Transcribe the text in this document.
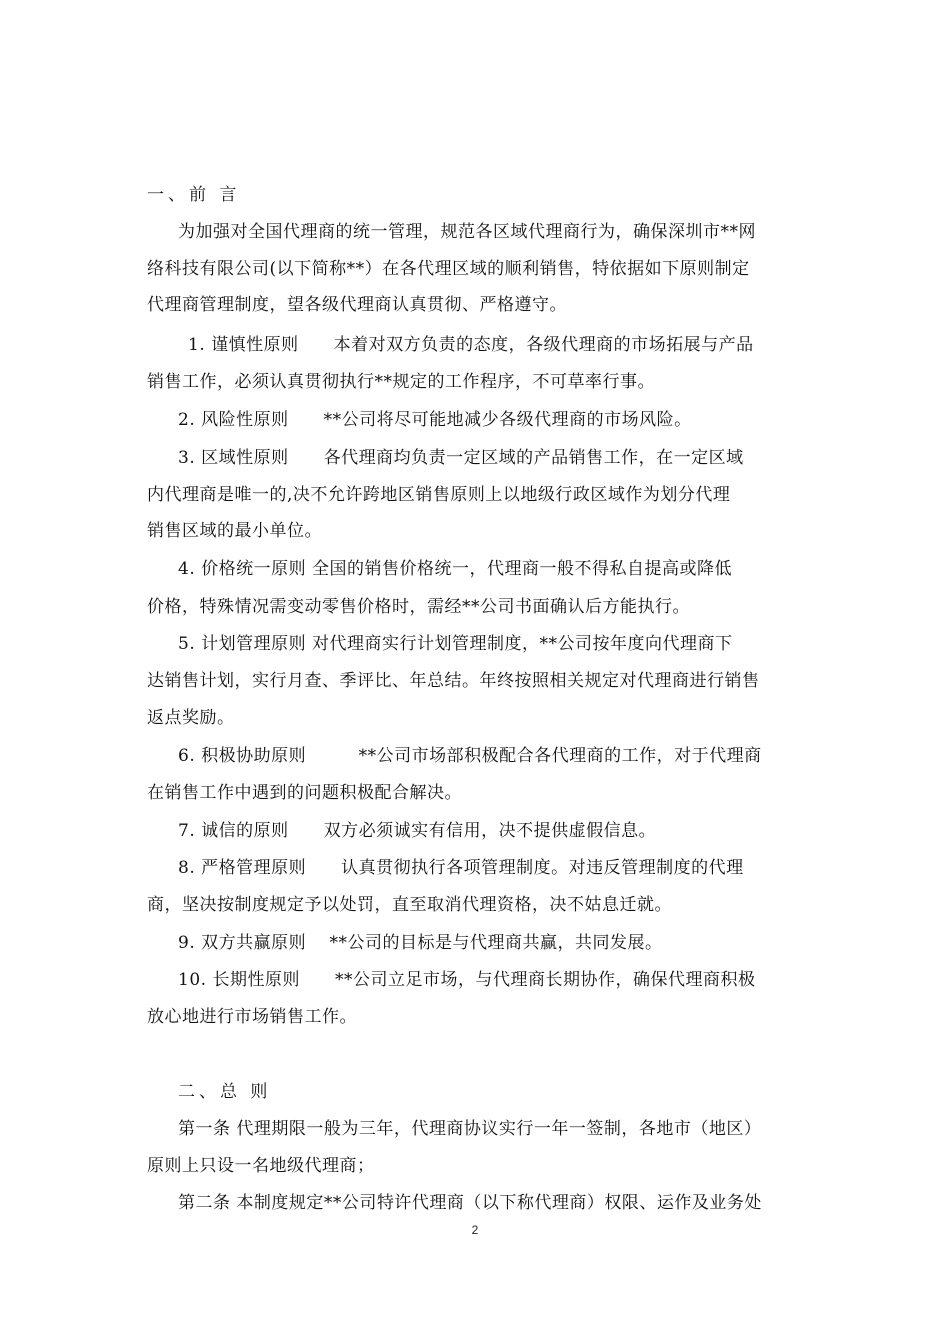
一、前 言
为加强对全国代理商的统一管理，规范各区域代理商行为，确保深圳市**网
络科技有限公司(以下简称**）在各代理区域的顺利销售，特依据如下原则制定
代理商管理制度，望各级代理商认真贯彻、严格遵守。
1. 谨慎性原则　　本着对双方负责的态度，各级代理商的市场拓展与产品
销售工作，必须认真贯彻执行**规定的工作程序，不可草率行事。
2. 风险性原则　　**公司将尽可能地减少各级代理商的市场风险。
3. 区域性原则　　各代理商均负责一定区域的产品销售工作，在一定区域
内代理商是唯一的,决不允许跨地区销售原则上以地级行政区域作为划分代理
销售区域的最小单位。
4. 价格统一原则 全国的销售价格统一，代理商一般不得私自提高或降低
价格，特殊情况需变动零售价格时，需经**公司书面确认后方能执行。
5. 计划管理原则 对代理商实行计划管理制度，**公司按年度向代理商下
达销售计划，实行月查、季评比、年总结。年终按照相关规定对代理商进行销售
返点奖励。
6. 积极协助原则　　　**公司市场部积极配合各代理商的工作，对于代理商
在销售工作中遇到的问题积极配合解决。
7. 诚信的原则　　双方必须诚实有信用，决不提供虚假信息。
8. 严格管理原则　　认真贯彻执行各项管理制度。对违反管理制度的代理
商，坚决按制度规定予以处罚，直至取消代理资格，决不姑息迁就。
9. 双方共赢原则　 **公司的目标是与代理商共赢，共同发展。
10. 长期性原则　　**公司立足市场，与代理商长期协作，确保代理商积极
放心地进行市场销售工作。
二、总 则
第一条 代理期限一般为三年，代理商协议实行一年一签制，各地市（地区）
原则上只设一名地级代理商；
第二条 本制度规定**公司特许代理商（以下称代理商）权限、运作及业务处
2
